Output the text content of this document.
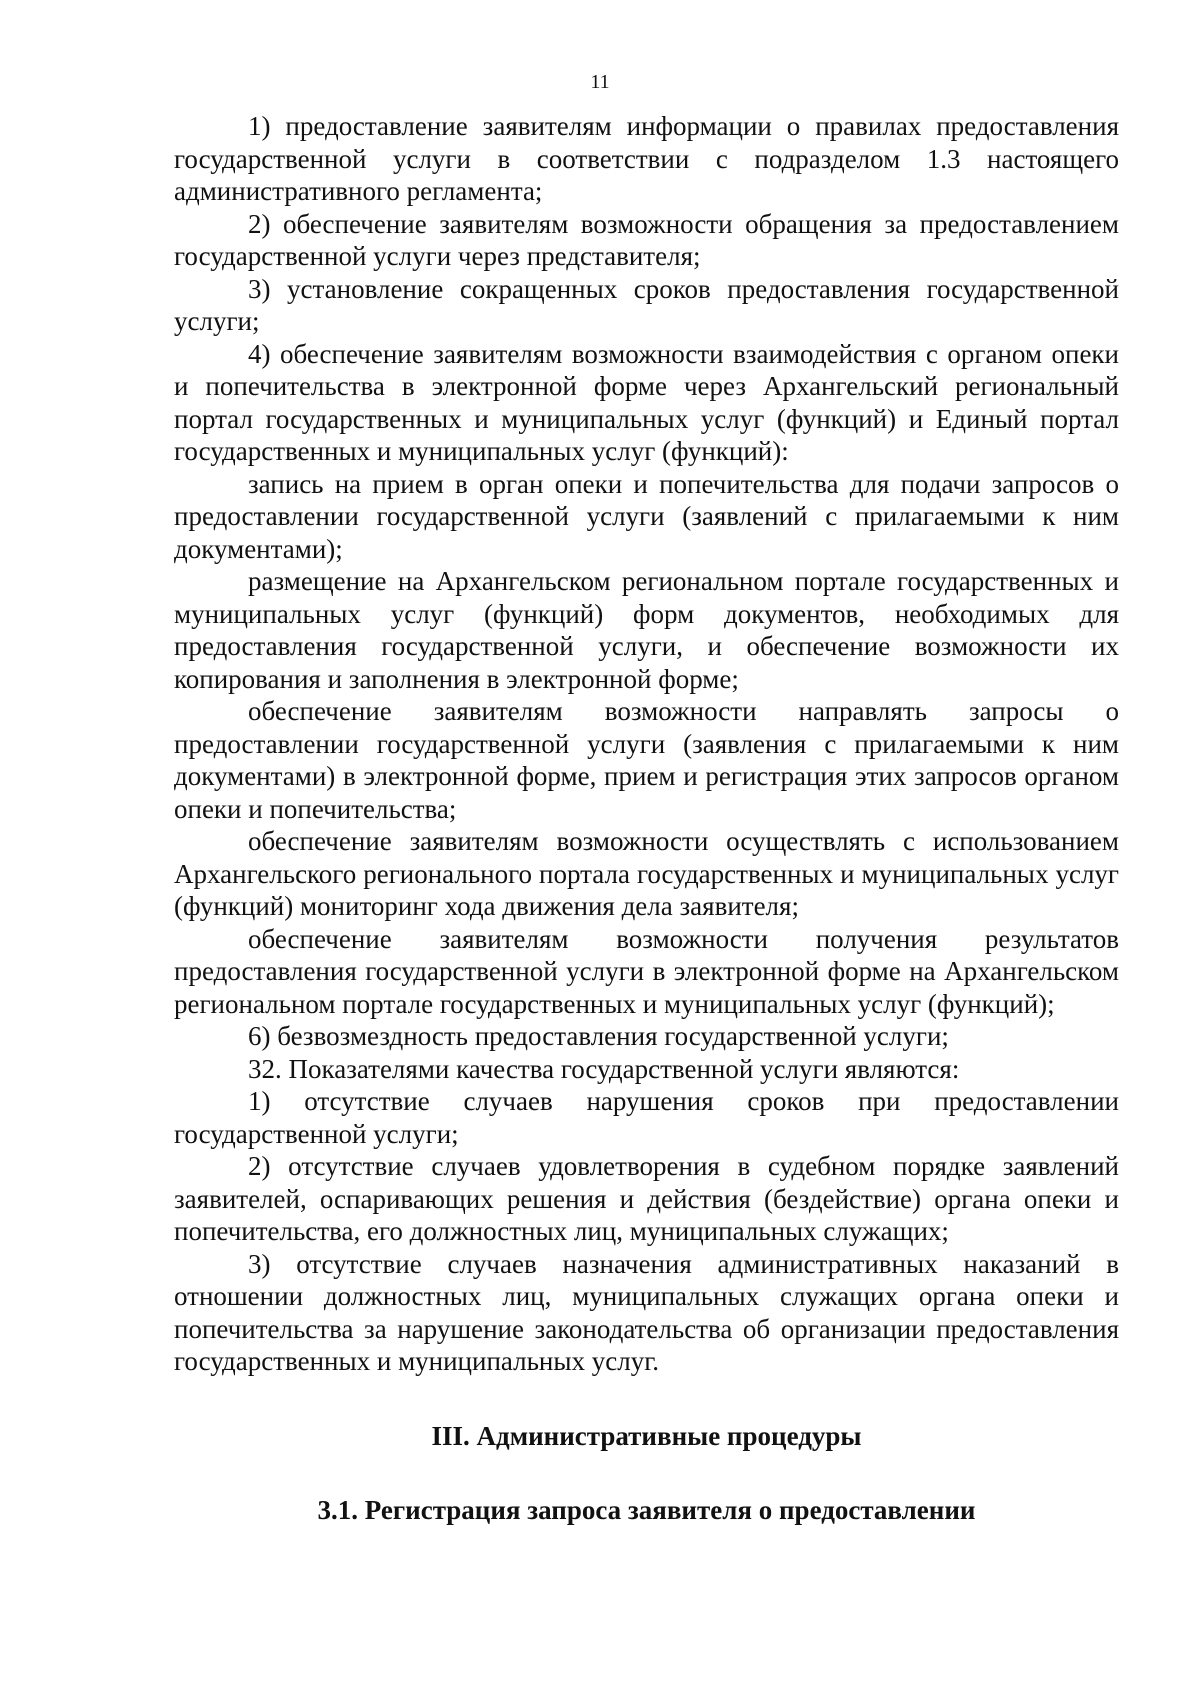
11

1) предоставление заявителям информации о правилах предоставления государственной услуги в соответствии с подразделом 1.3 настоящего административного регламента;

2) обеспечение заявителям возможности обращения за предоставлением государственной услуги через представителя;

3) установление сокращенных сроков предоставления государственной услуги;

4) обеспечение заявителям возможности взаимодействия с органом опеки и попечительства в электронной форме через Архангельский региональный портал государственных и муниципальных услуг (функций) и Единый портал государственных и муниципальных услуг (функций):

запись на прием в орган опеки и попечительства для подачи запросов о предоставлении государственной услуги (заявлений с прилагаемыми к ним документами);

размещение на Архангельском региональном портале государственных и муниципальных услуг (функций) форм документов, необходимых для предоставления государственной услуги, и обеспечение возможности их копирования и заполнения в электронной форме;

обеспечение заявителям возможности направлять запросы о предоставлении государственной услуги (заявления с прилагаемыми к ним документами) в электронной форме, прием и регистрация этих запросов органом опеки и попечительства;

обеспечение заявителям возможности осуществлять с использованием Архангельского регионального портала государственных и муниципальных услуг (функций) мониторинг хода движения дела заявителя;

обеспечение заявителям возможности получения результатов предоставления государственной услуги в электронной форме на Архангельском региональном портале государственных и муниципальных услуг (функций);

6) безвозмездность предоставления государственной услуги;

32. Показателями качества государственной услуги являются:

1) отсутствие случаев нарушения сроков при предоставлении государственной услуги;

2) отсутствие случаев удовлетворения в судебном порядке заявлений заявителей, оспаривающих решения и действия (бездействие) органа опеки и попечительства, его должностных лиц, муниципальных служащих;

3) отсутствие случаев назначения административных наказаний в отношении должностных лиц, муниципальных служащих органа опеки и попечительства за нарушение законодательства об организации предоставления государственных и муниципальных услуг.

III. Административные процедуры
3.1. Регистрация запроса заявителя о предоставлении
